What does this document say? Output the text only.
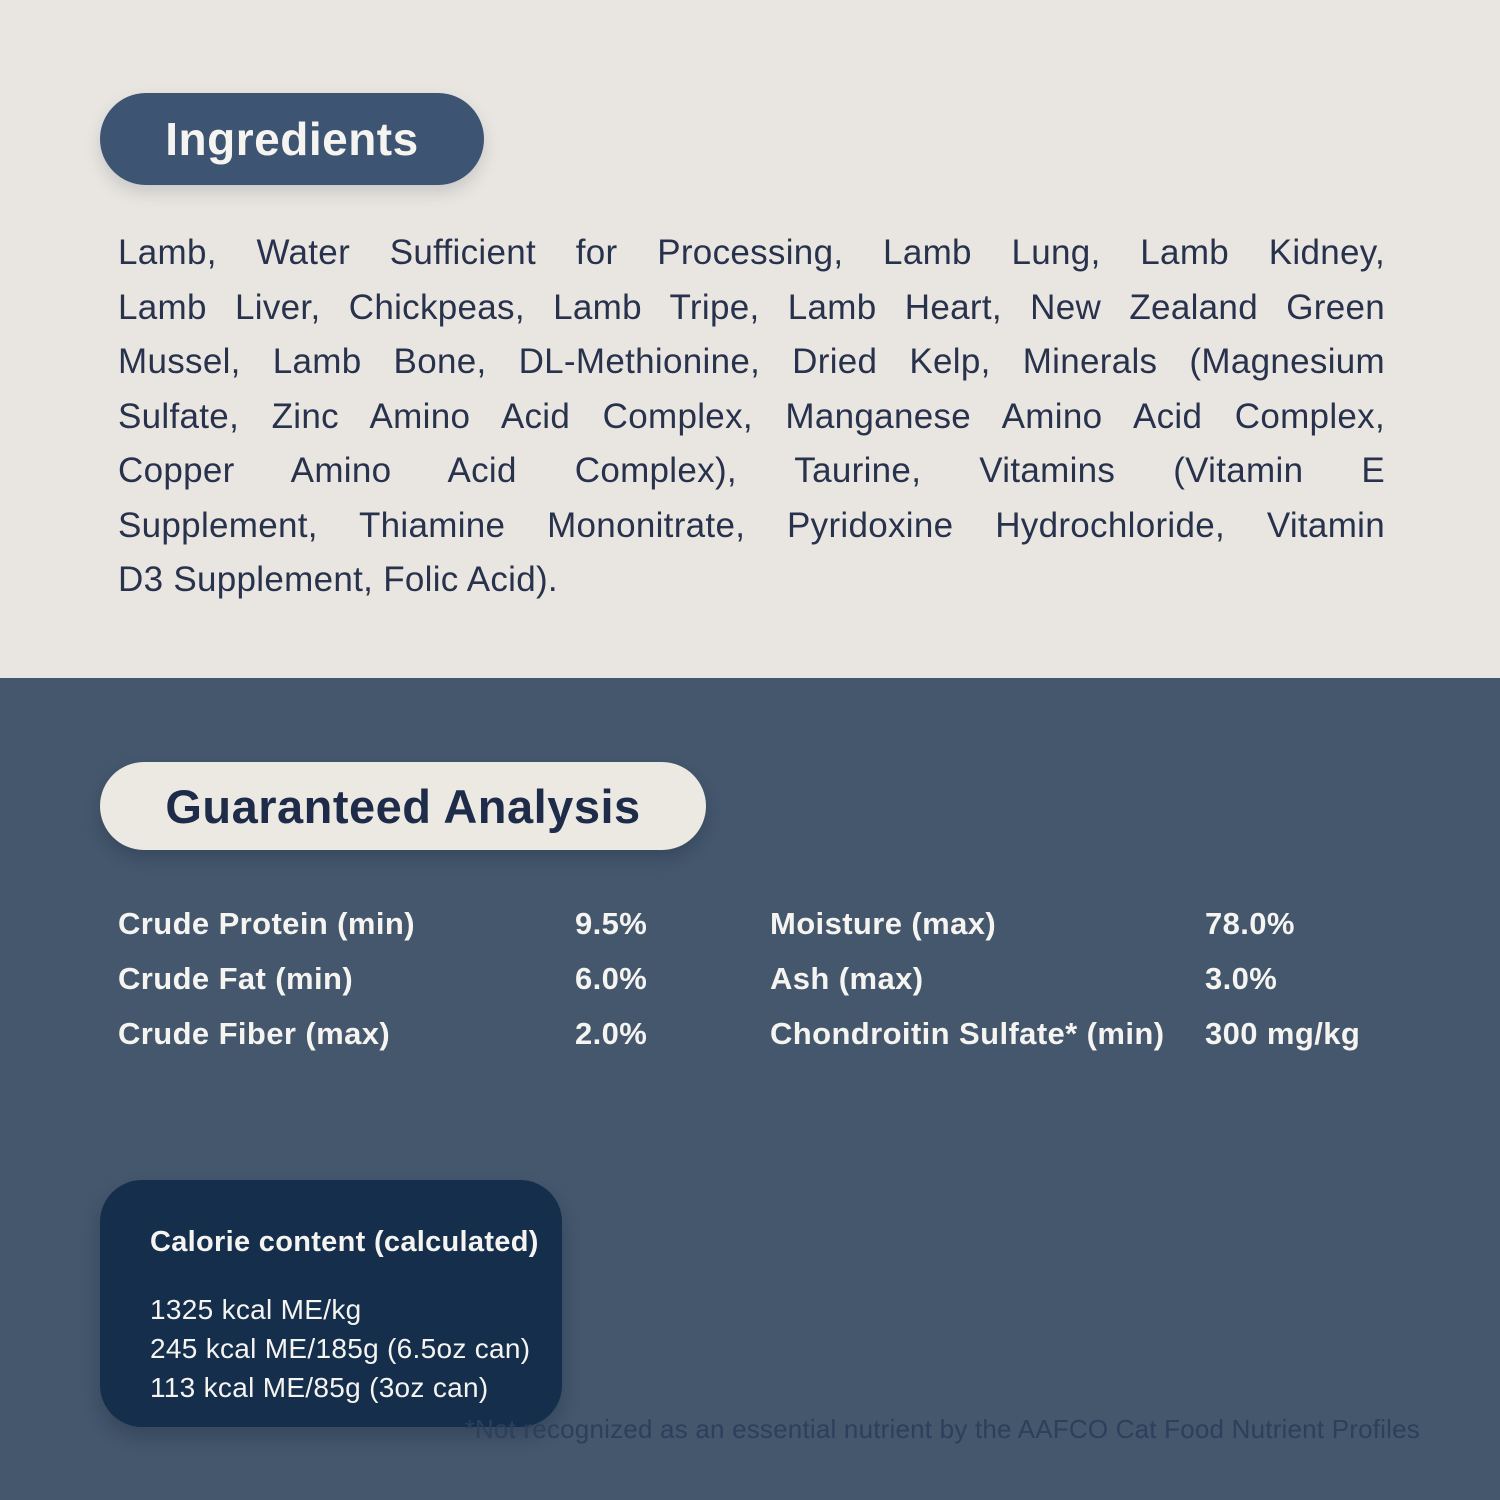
Ingredients
Lamb, Water Sufficient for Processing, Lamb Lung, Lamb Kidney,
Lamb Liver, Chickpeas, Lamb Tripe, Lamb Heart, New Zealand Green
Mussel, Lamb Bone, DL-Methionine, Dried Kelp, Minerals (Magnesium
Sulfate, Zinc Amino Acid Complex, Manganese Amino Acid Complex,
Copper Amino Acid Complex), Taurine, Vitamins (Vitamin E
Supplement, Thiamine Mononitrate, Pyridoxine Hydrochloride, Vitamin
D3 Supplement, Folic Acid).
Guaranteed Analysis
Crude Protein (min)	9.5%
Crude Fat (min)	6.0%
Crude Fiber (max)	2.0%
Moisture (max)	78.0%
Ash (max)	3.0%
Chondroitin Sulfate* (min)	300 mg/kg
Calorie content (calculated)
1325 kcal ME/kg
245 kcal ME/185g (6.5oz can)
113 kcal ME/85g (3oz can)
*Not recognized as an essential nutrient by the AAFCO Cat Food Nutrient Profiles
